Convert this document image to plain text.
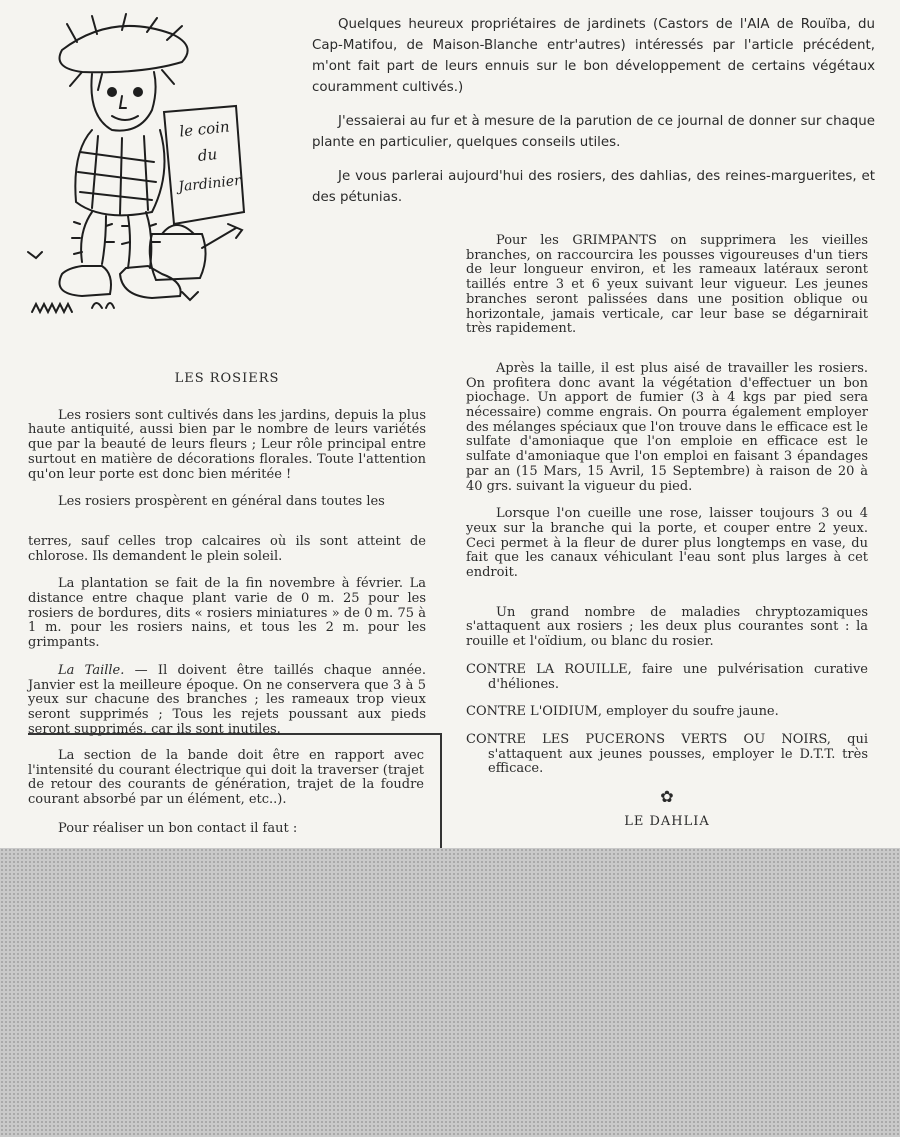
le coin
du
Jardinier

Quelques heureux propriétaires de jardinets (Castors de l'AIA de Rouïba, du Cap-Matifou, de Maison-Blanche entr'autres) intéressés par l'article précédent, m'ont fait part de leurs ennuis sur le bon développement de certains végétaux couramment cultivés.)

J'essaierai au fur et à mesure de la parution de ce journal de donner sur chaque plante en particulier, quelques conseils utiles.

Je vous parlerai aujourd'hui des rosiers, des dahlias, des reines-marguerites, et des pétunias.

LES ROSIERS

Les rosiers sont cultivés dans les jardins, depuis la plus haute antiquité, aussi bien par le nombre de leurs variétés que par la beauté de leurs fleurs ; Leur rôle principal entre surtout en matière de décorations florales. Toute l'attention qu'on leur porte est donc bien méritée !

Les rosiers prospèrent en général dans toutes les

terres, sauf celles trop calcaires où ils sont atteint de chlorose. Ils demandent le plein soleil.

La plantation se fait de la fin novembre à février. La distance entre chaque plant varie de 0 m. 25 pour les rosiers de bordures, dits « rosiers miniatures » de 0 m. 75 à 1 m. pour les rosiers nains, et tous les 2 m. pour les grimpants.

La Taille. — Il doivent être taillés chaque année. Janvier est la meilleure époque. On ne conservera que 3 à 5 yeux sur chacune des branches ; les rameaux trop vieux seront supprimés ; Tous les rejets poussant aux pieds seront supprimés, car ils sont inutiles.

La section de la bande doit être en rapport avec l'intensité du courant électrique qui doit la traverser (trajet de retour des courants de génération, trajet de la foudre courant absorbé par un élément, etc..).

Pour réaliser un bon contact il faut :

Pour les GRIMPANTS on supprimera les vieilles branches, on raccourcira les pousses vigoureuses d'un tiers de leur longueur environ, et les rameaux latéraux seront taillés entre 3 et 6 yeux suivant leur vigueur. Les jeunes branches seront palissées dans une position oblique ou horizontale, jamais verticale, car leur base se dégarnirait très rapidement.

Après la taille, il est plus aisé de travailler les rosiers. On profitera donc avant la végétation d'effectuer un bon piochage. Un apport de fumier (3 à 4 kgs par pied sera nécessaire) comme engrais. On pourra également employer des mélanges spéciaux que l'on trouve dans le efficace est le sulfate d'amoniaque que l'on emploie en efficace est le sulfate d'amoniaque que l'on emploi en faisant 3 épandages par an (15 Mars, 15 Avril, 15 Septembre) à raison de 20 à 40 grs. suivant la vigueur du pied.

Lorsque l'on cueille une rose, laisser toujours 3 ou 4 yeux sur la branche qui la porte, et couper entre 2 yeux. Ceci permet à la fleur de durer plus longtemps en vase, du fait que les canaux véhiculant l'eau sont plus larges à cet endroit.

Un grand nombre de maladies chryptozamiques s'attaquent aux rosiers ; les deux plus courantes sont : la rouille et l'oïdium, ou blanc du rosier.

CONTRE LA ROUILLE, faire une pulvérisation curative d'héliones.

CONTRE L'OIDIUM, employer du soufre jaune.

CONTRE LES PUCERONS VERTS OU NOIRS, qui s'attaquent aux jeunes pousses, employer le D.T.T. très efficace.

✿

LE DAHLIA
